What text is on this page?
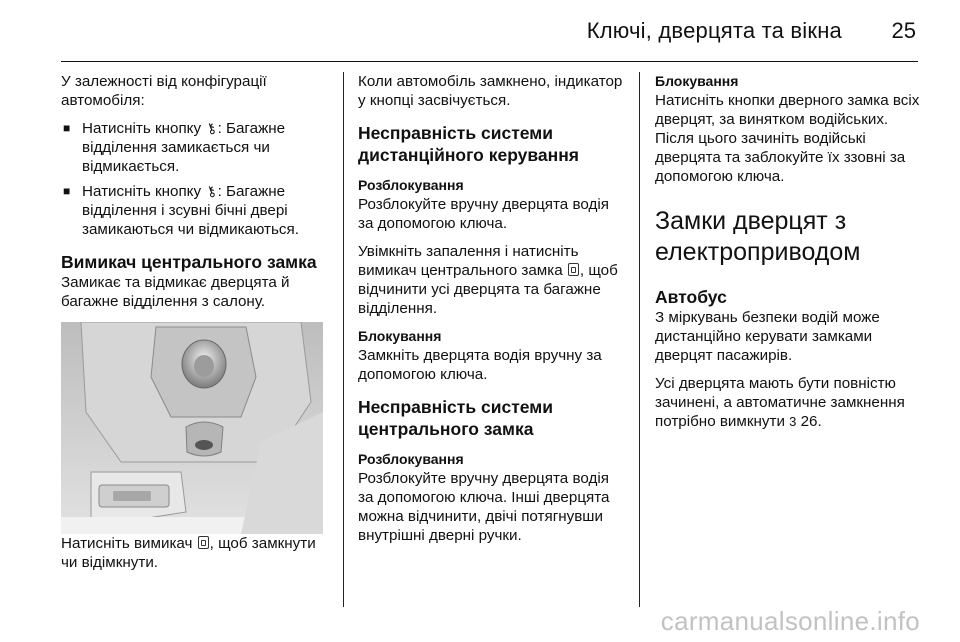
Ключі, дверцята та вікна 25

У залежності від конфігурації автомобіля:

■ Натисніть кнопку ⚷: Багажне відділення замикається чи відмикається.
■ Натисніть кнопку ⚷: Багажне відділення і зсувні бічні двері замикаються чи відмикаються.
Вимикач центрального замка

Замикає та відмикає дверцята й багажне відділення з салону.

Натисніть вимикач , щоб замкнути чи відімкнути.

Коли автомобіль замкнено, індикатор у кнопці засвічується.

Несправність системи дистанційного керування
Розблокування

Розблокуйте вручну дверцята водія за допомогою ключа.

Увімкніть запалення і натисніть вимикач центрального замка , щоб відчинити усі дверцята та багажне відділення.

Блокування

Замкніть дверцята водія вручну за допомогою ключа.

Несправність системи центрального замка
Розблокування

Розблокуйте вручну дверцята водія за допомогою ключа. Інші дверцята можна відчинити, двічі потягнувши внутрішні дверні ручки.

Блокування

Натисніть кнопки дверного замка всіх дверцят, за винятком водійських. Після цього зачиніть водійські дверцята та заблокуйте їх ззовні за допомогою ключа.

Замки дверцят з електроприводом
Автобус

З міркувань безпеки водій може дистанційно керувати замками дверцят пасажирів.

Усі дверцята мають бути повністю зачинені, а автоматичне замкнення потрібно вимкнути 3 26.

carmanualsonline.info
